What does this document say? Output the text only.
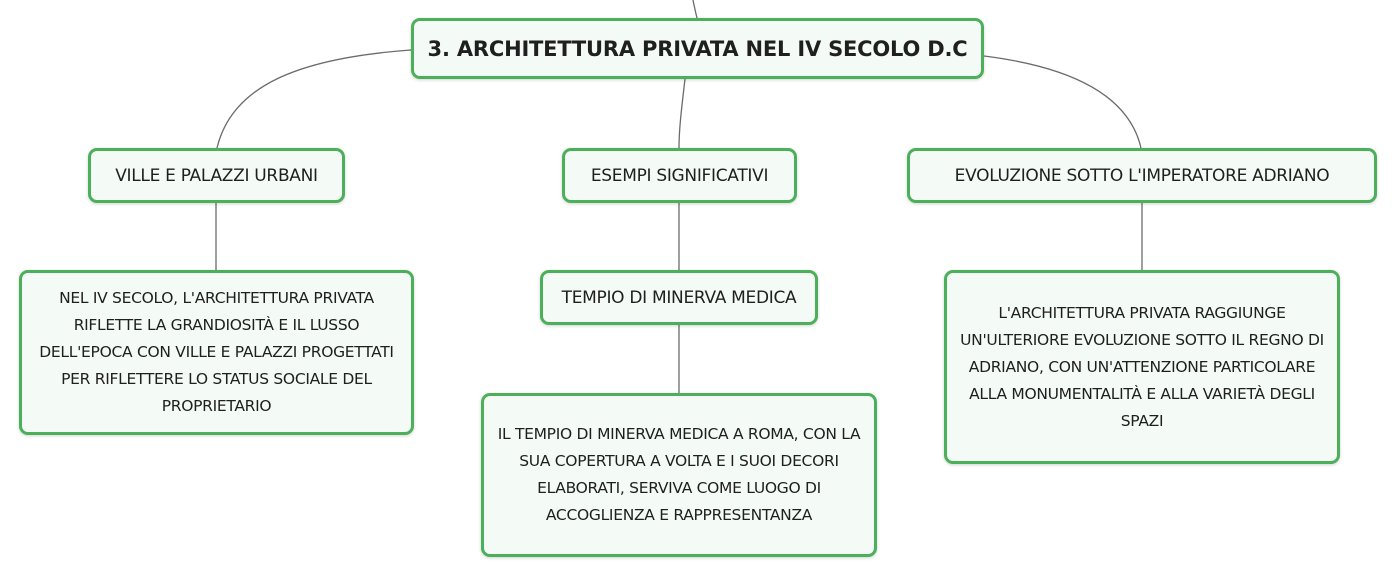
3. ARCHITETTURA PRIVATA NEL IV SECOLO D.C
VILLE E PALAZZI URBANI	ESEMPI SIGNIFICATIVI	EVOLUZIONE SOTTO L'IMPERATORE ADRIANO
NEL IV SECOLO, L'ARCHITETTURA PRIVATA RIFLETTE LA GRANDIOSITÀ E IL LUSSO DELL'EPOCA CON VILLE E PALAZZI PROGETTATI PER RIFLETTERE LO STATUS SOCIALE DEL PROPRIETARIO
TEMPIO DI MINERVA MEDICA
IL TEMPIO DI MINERVA MEDICA A ROMA, CON LA SUA COPERTURA A VOLTA E I SUOI DECORI ELABORATI, SERVIVA COME LUOGO DI ACCOGLIENZA E RAPPRESENTANZA
L'ARCHITETTURA PRIVATA RAGGIUNGE UN'ULTERIORE EVOLUZIONE SOTTO IL REGNO DI ADRIANO, CON UN'ATTENZIONE PARTICOLARE ALLA MONUMENTALITÀ E ALLA VARIETÀ DEGLI SPAZI
